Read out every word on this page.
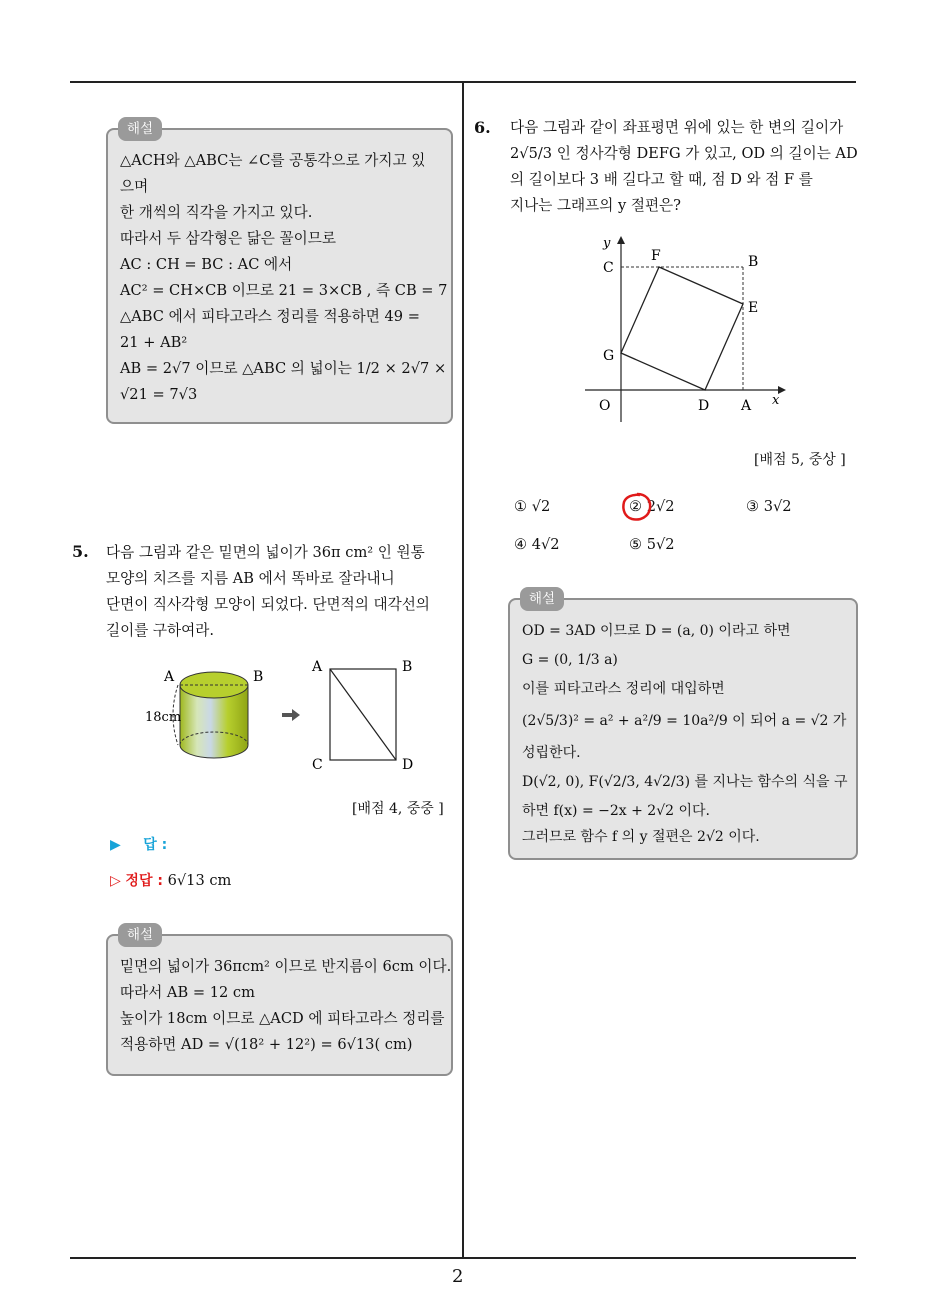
2
해설
△ACH와 △ABC는 ∠C를 공통각으로 가지고 있
으며
한 개씩의 직각을 가지고 있다.
따라서 두 삼각형은 닮은 꼴이므로
AC : CH = BC : AC 에서
AC² = CH×CB 이므로 21 = 3×CB , 즉 CB = 7
△ABC 에서 피타고라스 정리를 적용하면 49 =
21 + AB²
AB = 2√7 이므로 △ABC 의 넓이는 1/2 × 2√7 ×
√21 = 7√3
5. 다음 그림과 같은 밑면의 넓이가 36π cm² 인 원통
모양의 치즈를 지름 AB 에서 똑바로 잘라내니
단면이 직사각형 모양이 되었다. 단면적의 대각선의
길이를 구하여라.
A	B
18cm
A	B
C	D
[배점 4, 중중 ]
▶ 답 :
▷ 정답 : 6√13 cm
해설
밑면의 넓이가 36πcm² 이므로 반지름이 6cm 이다.
따라서 AB = 12 cm
높이가 18cm 이므로 △ACD 에 피타고라스 정리를
적용하면 AD = √(18² + 12²) = 6√13( cm)
6. 다음 그림과 같이 좌표평면 위에 있는 한 변의 길이가
2√5/3 인 정사각형 DEFG 가 있고, OD 의 길이는 AD
의 길이보다 3 배 길다고 할 때, 점 D 와 점 F 를
지나는 그래프의 y 절편은?
y
x
O	D A
C
F	B
E
G
[배점 5, 중상 ]
① √2	② 2√2	③ 3√2
④ 4√2	⑤ 5√2
해설
OD = 3AD 이므로 D = (a, 0) 이라고 하면
G = (0, 1/3 a)
이를 피타고라스 정리에 대입하면
(2√5/3)² = a² + a²/9 = 10a²/9 이 되어 a = √2 가
성립한다.
D(√2, 0), F(√2/3, 4√2/3) 를 지나는 함수의 식을 구
하면 f(x) = −2x + 2√2 이다.
그러므로 함수 f 의 y 절편은 2√2 이다.
